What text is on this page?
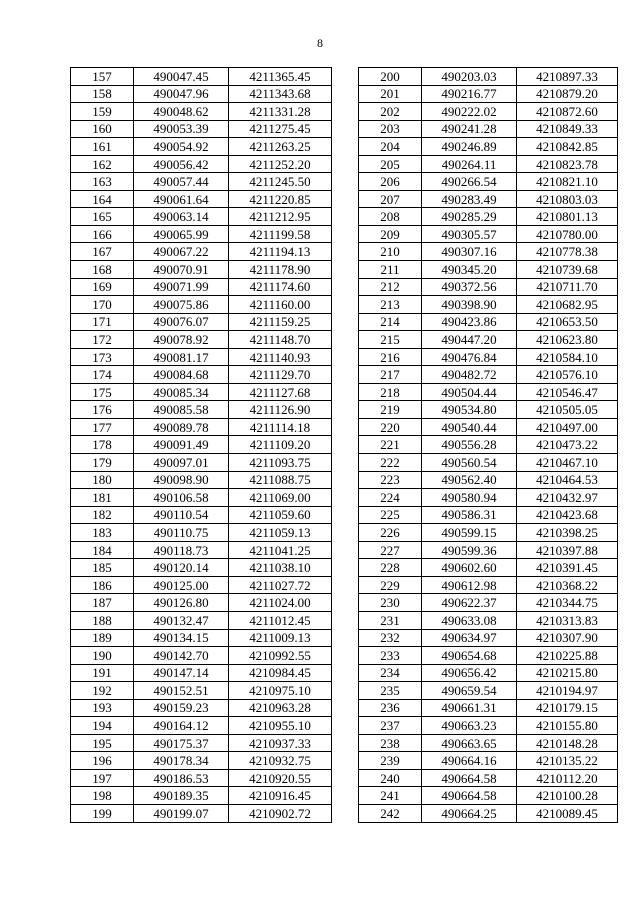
8
157	490047.45	4211365.45
158	490047.96	4211343.68
159	490048.62	4211331.28
160	490053.39	4211275.45
161	490054.92	4211263.25
162	490056.42	4211252.20
163	490057.44	4211245.50
164	490061.64	4211220.85
165	490063.14	4211212.95
166	490065.99	4211199.58
167	490067.22	4211194.13
168	490070.91	4211178.90
169	490071.99	4211174.60
170	490075.86	4211160.00
171	490076.07	4211159.25
172	490078.92	4211148.70
173	490081.17	4211140.93
174	490084.68	4211129.70
175	490085.34	4211127.68
176	490085.58	4211126.90
177	490089.78	4211114.18
178	490091.49	4211109.20
179	490097.01	4211093.75
180	490098.90	4211088.75
181	490106.58	4211069.00
182	490110.54	4211059.60
183	490110.75	4211059.13
184	490118.73	4211041.25
185	490120.14	4211038.10
186	490125.00	4211027.72
187	490126.80	4211024.00
188	490132.47	4211012.45
189	490134.15	4211009.13
190	490142.70	4210992.55
191	490147.14	4210984.45
192	490152.51	4210975.10
193	490159.23	4210963.28
194	490164.12	4210955.10
195	490175.37	4210937.33
196	490178.34	4210932.75
197	490186.53	4210920.55
198	490189.35	4210916.45
199	490199.07	4210902.72
200	490203.03	4210897.33
201	490216.77	4210879.20
202	490222.02	4210872.60
203	490241.28	4210849.33
204	490246.89	4210842.85
205	490264.11	4210823.78
206	490266.54	4210821.10
207	490283.49	4210803.03
208	490285.29	4210801.13
209	490305.57	4210780.00
210	490307.16	4210778.38
211	490345.20	4210739.68
212	490372.56	4210711.70
213	490398.90	4210682.95
214	490423.86	4210653.50
215	490447.20	4210623.80
216	490476.84	4210584.10
217	490482.72	4210576.10
218	490504.44	4210546.47
219	490534.80	4210505.05
220	490540.44	4210497.00
221	490556.28	4210473.22
222	490560.54	4210467.10
223	490562.40	4210464.53
224	490580.94	4210432.97
225	490586.31	4210423.68
226	490599.15	4210398.25
227	490599.36	4210397.88
228	490602.60	4210391.45
229	490612.98	4210368.22
230	490622.37	4210344.75
231	490633.08	4210313.83
232	490634.97	4210307.90
233	490654.68	4210225.88
234	490656.42	4210215.80
235	490659.54	4210194.97
236	490661.31	4210179.15
237	490663.23	4210155.80
238	490663.65	4210148.28
239	490664.16	4210135.22
240	490664.58	4210112.20
241	490664.58	4210100.28
242	490664.25	4210089.45
